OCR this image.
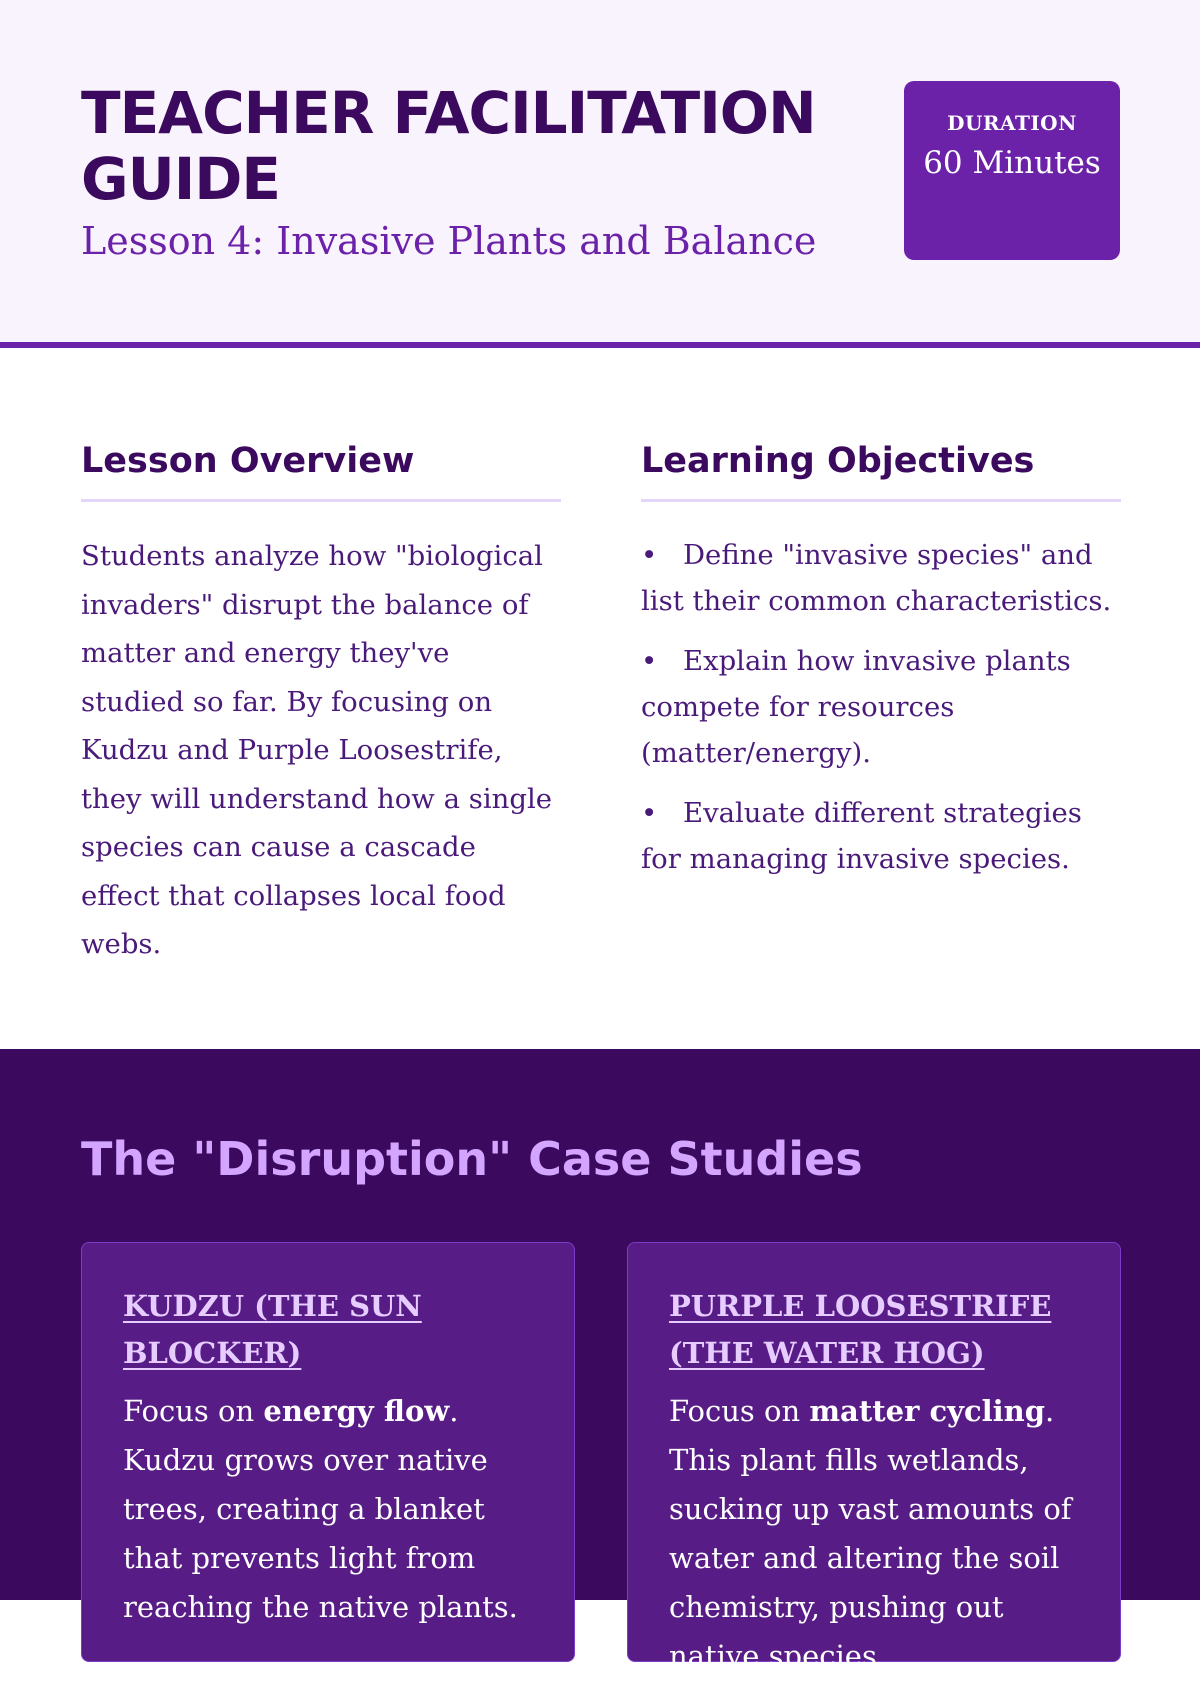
TEACHER FACILITATION GUIDE
Lesson 4: Invasive Plants and Balance
DURATION
60 Minutes
Lesson Overview

Students analyze how "biological invaders" disrupt the balance of matter and energy they've studied so far. By focusing on Kudzu and Purple Loosestrife, they will understand how a single species can cause a cascade effect that collapses local food webs.

Learning Objectives
• Define "invasive species" and list their common characteristics.
• Explain how invasive plants compete for resources (matter/energy).
• Evaluate different strategies for managing invasive species.
The "Disruption" Case Studies
KUDZU (THE SUN BLOCKER)

Focus on energy flow. Kudzu grows over native trees, creating a blanket that prevents light from reaching the native plants.

PURPLE LOOSESTRIFE (THE WATER HOG)

Focus on matter cycling. This plant fills wetlands, sucking up vast amounts of water and altering the soil chemistry, pushing out native species.
